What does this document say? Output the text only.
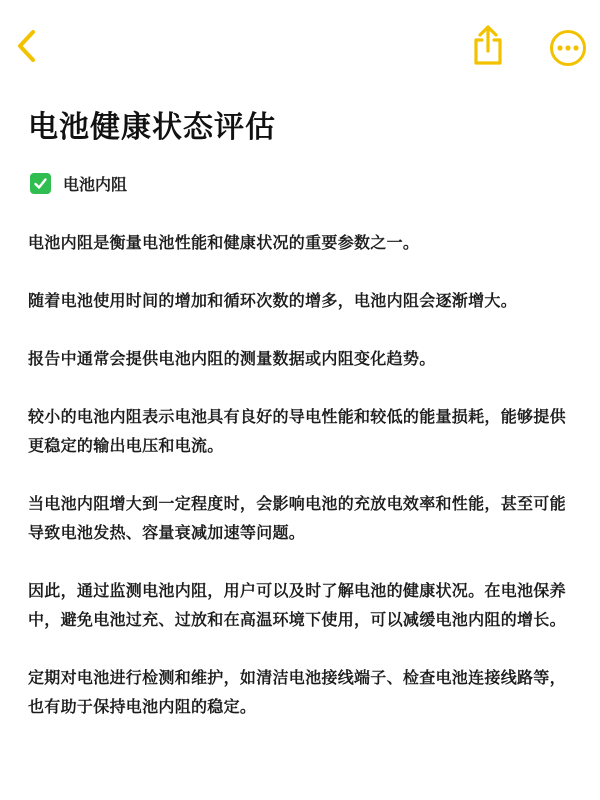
电池健康状态评估
电池内阻

电池内阻是衡量电池性能和健康状况的重要参数之一。

随着电池使用时间的增加和循环次数的增多，电池内阻会逐渐增大。

报告中通常会提供电池内阻的测量数据或内阻变化趋势。

较小的电池内阻表示电池具有良好的导电性能和较低的能量损耗，能够提供更稳定的输出电压和电流。

当电池内阻增大到一定程度时，会影响电池的充放电效率和性能，甚至可能导致电池发热、容量衰减加速等问题。

因此，通过监测电池内阻，用户可以及时了解电池的健康状况。在电池保养中，避免电池过充、过放和在高温环境下使用，可以减缓电池内阻的增长。

定期对电池进行检测和维护，如清洁电池接线端子、检查电池连接线路等，也有助于保持电池内阻的稳定。
